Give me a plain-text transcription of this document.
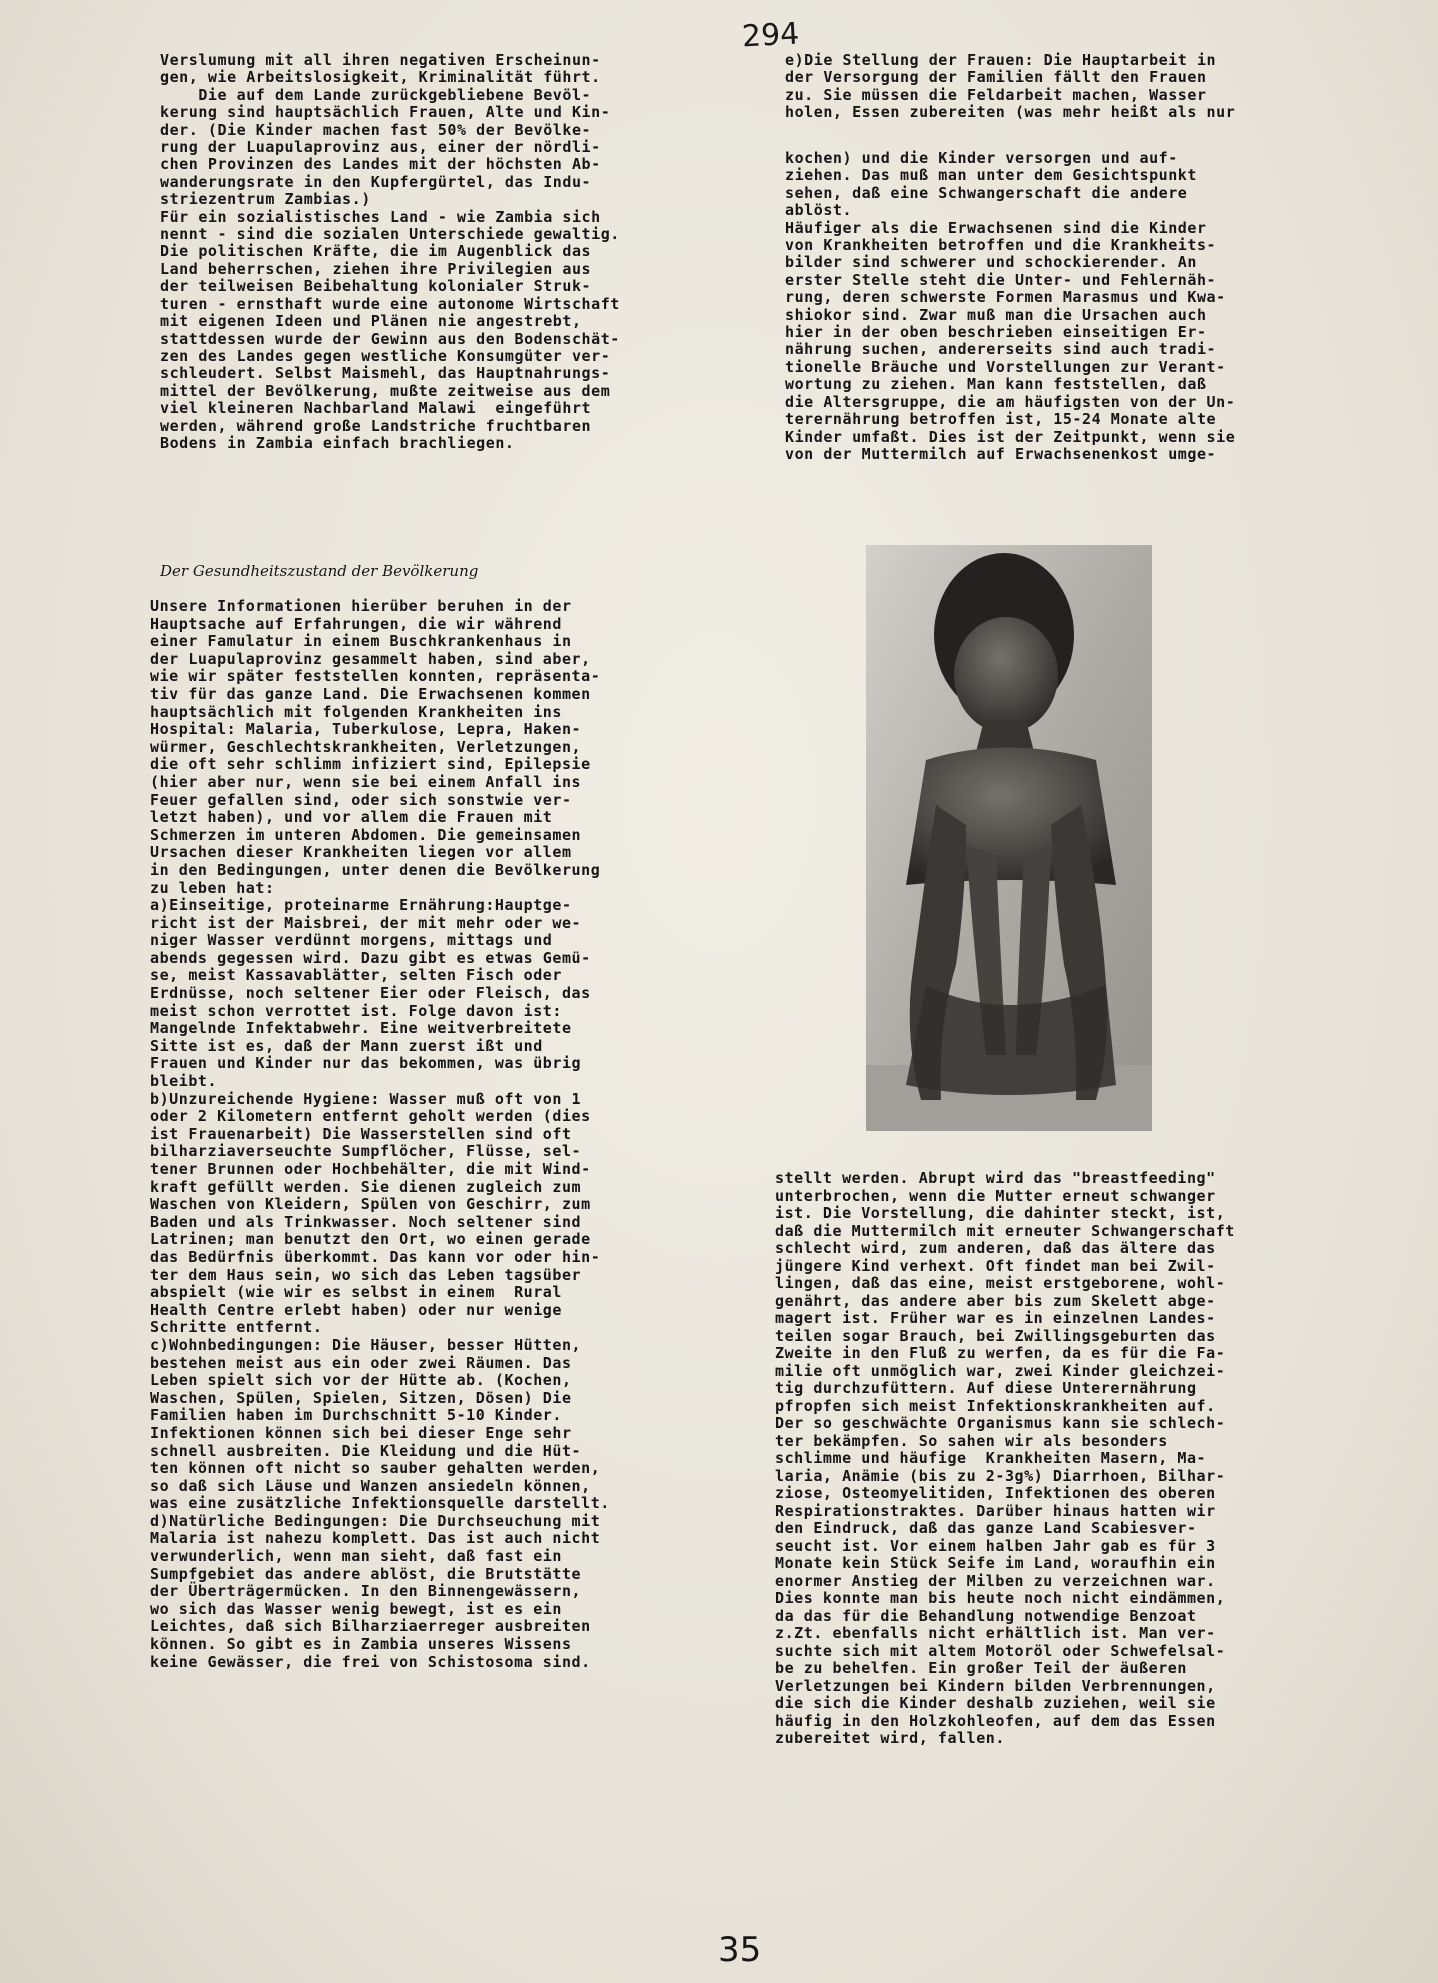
294

Verslumung mit all ihren negativen Erscheinun-

gen, wie Arbeitslosigkeit, Kriminalität führt.

Die auf dem Lande zurückgebliebene Bevöl-

kerung sind hauptsächlich Frauen, Alte und Kin-

der. (Die Kinder machen fast 50% der Bevölke-

rung der Luapulaprovinz aus, einer der nördli-

chen Provinzen des Landes mit der höchsten Ab-

wanderungsrate in den Kupfergürtel, das Indu-

striezentrum Zambias.)

Für ein sozialistisches Land - wie Zambia sich

nennt - sind die sozialen Unterschiede gewaltig.

Die politischen Kräfte, die im Augenblick das

Land beherrschen, ziehen ihre Privilegien aus

der teilweisen Beibehaltung kolonialer Struk-

turen - ernsthaft wurde eine autonome Wirtschaft

mit eigenen Ideen und Plänen nie angestrebt,

stattdessen wurde der Gewinn aus den Bodenschät-

zen des Landes gegen westliche Konsumgüter ver-

schleudert. Selbst Maismehl, das Hauptnahrungs-

mittel der Bevölkerung, mußte zeitweise aus dem

viel kleineren Nachbarland Malawi  eingeführt

werden, während große Landstriche fruchtbaren

Bodens in Zambia einfach brachliegen.

e)Die Stellung der Frauen: Die Hauptarbeit in

der Versorgung der Familien fällt den Frauen

zu. Sie müssen die Feldarbeit machen, Wasser

holen, Essen zubereiten (was mehr heißt als nur

kochen) und die Kinder versorgen und auf-

ziehen. Das muß man unter dem Gesichtspunkt

sehen, daß eine Schwangerschaft die andere

ablöst.

Häufiger als die Erwachsenen sind die Kinder

von Krankheiten betroffen und die Krankheits-

bilder sind schwerer und schockierender. An

erster Stelle steht die Unter- und Fehlernäh-

rung, deren schwerste Formen Marasmus und Kwa-

shiokor sind. Zwar muß man die Ursachen auch

hier in der oben beschrieben einseitigen Er-

nährung suchen, andererseits sind auch tradi-

tionelle Bräuche und Vorstellungen zur Verant-

wortung zu ziehen. Man kann feststellen, daß

die Altersgruppe, die am häufigsten von der Un-

terernährung betroffen ist, 15-24 Monate alte

Kinder umfaßt. Dies ist der Zeitpunkt, wenn sie

von der Muttermilch auf Erwachsenenkost umge-

Der Gesundheitszustand der Bevölkerung

Unsere Informationen hierüber beruhen in der

Hauptsache auf Erfahrungen, die wir während

einer Famulatur in einem Buschkrankenhaus in

der Luapulaprovinz gesammelt haben, sind aber,

wie wir später feststellen konnten, repräsenta-

tiv für das ganze Land. Die Erwachsenen kommen

hauptsächlich mit folgenden Krankheiten ins

Hospital: Malaria, Tuberkulose, Lepra, Haken-

würmer, Geschlechtskrankheiten, Verletzungen,

die oft sehr schlimm infiziert sind, Epilepsie

(hier aber nur, wenn sie bei einem Anfall ins

Feuer gefallen sind, oder sich sonstwie ver-

letzt haben), und vor allem die Frauen mit

Schmerzen im unteren Abdomen. Die gemeinsamen

Ursachen dieser Krankheiten liegen vor allem

in den Bedingungen, unter denen die Bevölkerung

zu leben hat:

a)Einseitige, proteinarme Ernährung:Hauptge-

richt ist der Maisbrei, der mit mehr oder we-

niger Wasser verdünnt morgens, mittags und

abends gegessen wird. Dazu gibt es etwas Gemü-

se, meist Kassavablätter, selten Fisch oder

Erdnüsse, noch seltener Eier oder Fleisch, das

meist schon verrottet ist. Folge davon ist:

Mangelnde Infektabwehr. Eine weitverbreitete

Sitte ist es, daß der Mann zuerst ißt und

Frauen und Kinder nur das bekommen, was übrig

bleibt.

b)Unzureichende Hygiene: Wasser muß oft von 1

oder 2 Kilometern entfernt geholt werden (dies

ist Frauenarbeit) Die Wasserstellen sind oft

bilharziaverseuchte Sumpflöcher, Flüsse, sel-

tener Brunnen oder Hochbehälter, die mit Wind-

kraft gefüllt werden. Sie dienen zugleich zum

Waschen von Kleidern, Spülen von Geschirr, zum

Baden und als Trinkwasser. Noch seltener sind

Latrinen; man benutzt den Ort, wo einen gerade

das Bedürfnis überkommt. Das kann vor oder hin-

ter dem Haus sein, wo sich das Leben tagsüber

abspielt (wie wir es selbst in einem  Rural

Health Centre erlebt haben) oder nur wenige

Schritte entfernt.

c)Wohnbedingungen: Die Häuser, besser Hütten,

bestehen meist aus ein oder zwei Räumen. Das

Leben spielt sich vor der Hütte ab. (Kochen,

Waschen, Spülen, Spielen, Sitzen, Dösen) Die

Familien haben im Durchschnitt 5-10 Kinder.

Infektionen können sich bei dieser Enge sehr

schnell ausbreiten. Die Kleidung und die Hüt-

ten können oft nicht so sauber gehalten werden,

so daß sich Läuse und Wanzen ansiedeln können,

was eine zusätzliche Infektionsquelle darstellt.

d)Natürliche Bedingungen: Die Durchseuchung mit

Malaria ist nahezu komplett. Das ist auch nicht

verwunderlich, wenn man sieht, daß fast ein

Sumpfgebiet das andere ablöst, die Brutstätte

der Überträgermücken. In den Binnengewässern,

wo sich das Wasser wenig bewegt, ist es ein

Leichtes, daß sich Bilharziaerreger ausbreiten

können. So gibt es in Zambia unseres Wissens

keine Gewässer, die frei von Schistosoma sind.

stellt werden. Abrupt wird das "breastfeeding"

unterbrochen, wenn die Mutter erneut schwanger

ist. Die Vorstellung, die dahinter steckt, ist,

daß die Muttermilch mit erneuter Schwangerschaft

schlecht wird, zum anderen, daß das ältere das

jüngere Kind verhext. Oft findet man bei Zwil-

lingen, daß das eine, meist erstgeborene, wohl-

genährt, das andere aber bis zum Skelett abge-

magert ist. Früher war es in einzelnen Landes-

teilen sogar Brauch, bei Zwillingsgeburten das

Zweite in den Fluß zu werfen, da es für die Fa-

milie oft unmöglich war, zwei Kinder gleichzei-

tig durchzufüttern. Auf diese Unterernährung

pfropfen sich meist Infektionskrankheiten auf.

Der so geschwächte Organismus kann sie schlech-

ter bekämpfen. So sahen wir als besonders

schlimme und häufige  Krankheiten Masern, Ma-

laria, Anämie (bis zu 2-3g%) Diarrhoen, Bilhar-

ziose, Osteomyelitiden, Infektionen des oberen

Respirationstraktes. Darüber hinaus hatten wir

den Eindruck, daß das ganze Land Scabiesver-

seucht ist. Vor einem halben Jahr gab es für 3

Monate kein Stück Seife im Land, woraufhin ein

enormer Anstieg der Milben zu verzeichnen war.

Dies konnte man bis heute noch nicht eindämmen,

da das für die Behandlung notwendige Benzoat

z.Zt. ebenfalls nicht erhältlich ist. Man ver-

suchte sich mit altem Motoröl oder Schwefelsal-

be zu behelfen. Ein großer Teil der äußeren

Verletzungen bei Kindern bilden Verbrennungen,

die sich die Kinder deshalb zuziehen, weil sie

häufig in den Holzkohleofen, auf dem das Essen

zubereitet wird, fallen.

35
